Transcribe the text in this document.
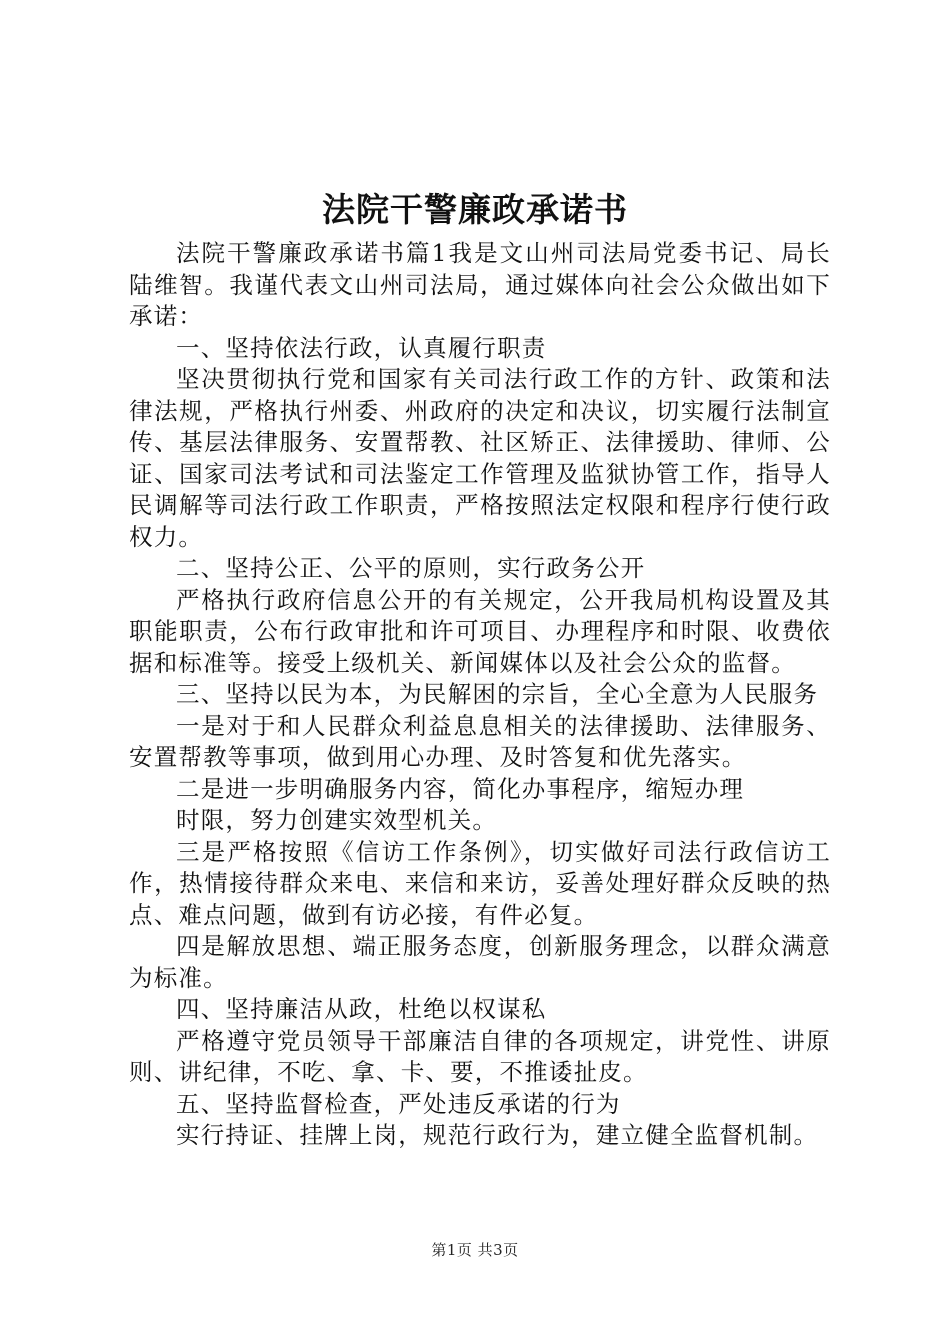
法院干警廉政承诺书

法院干警廉政承诺书篇1我是文山州司法局党委书记、局长陆维智。我谨代表文山州司法局，通过媒体向社会公众做出如下承诺：

一、坚持依法行政，认真履行职责

坚决贯彻执行党和国家有关司法行政工作的方针、政策和法律法规，严格执行州委、州政府的决定和决议，切实履行法制宣传、基层法律服务、安置帮教、社区矫正、法律援助、律师、公证、国家司法考试和司法鉴定工作管理及监狱协管工作，指导人民调解等司法行政工作职责，严格按照法定权限和程序行使行政权力。

二、坚持公正、公平的原则，实行政务公开

严格执行政府信息公开的有关规定，公开我局机构设置及其职能职责，公布行政审批和许可项目、办理程序和时限、收费依据和标准等。接受上级机关、新闻媒体以及社会公众的监督。

三、坚持以民为本，为民解困的宗旨，全心全意为人民服务

一是对于和人民群众利益息息相关的法律援助、法律服务、安置帮教等事项，做到用心办理、及时答复和优先落实。

二是进一步明确服务内容，简化办事程序，缩短办理

时限，努力创建实效型机关。

三是严格按照《信访工作条例》，切实做好司法行政信访工作，热情接待群众来电、来信和来访，妥善处理好群众反映的热点、难点问题，做到有访必接，有件必复。

四是解放思想、端正服务态度，创新服务理念，以群众满意为标准。

四、坚持廉洁从政，杜绝以权谋私

严格遵守党员领导干部廉洁自律的各项规定，讲党性、讲原则、讲纪律，不吃、拿、卡、要，不推诿扯皮。

五、坚持监督检查，严处违反承诺的行为

实行持证、挂牌上岗，规范行政行为，建立健全监督机制。

第1页 共3页
